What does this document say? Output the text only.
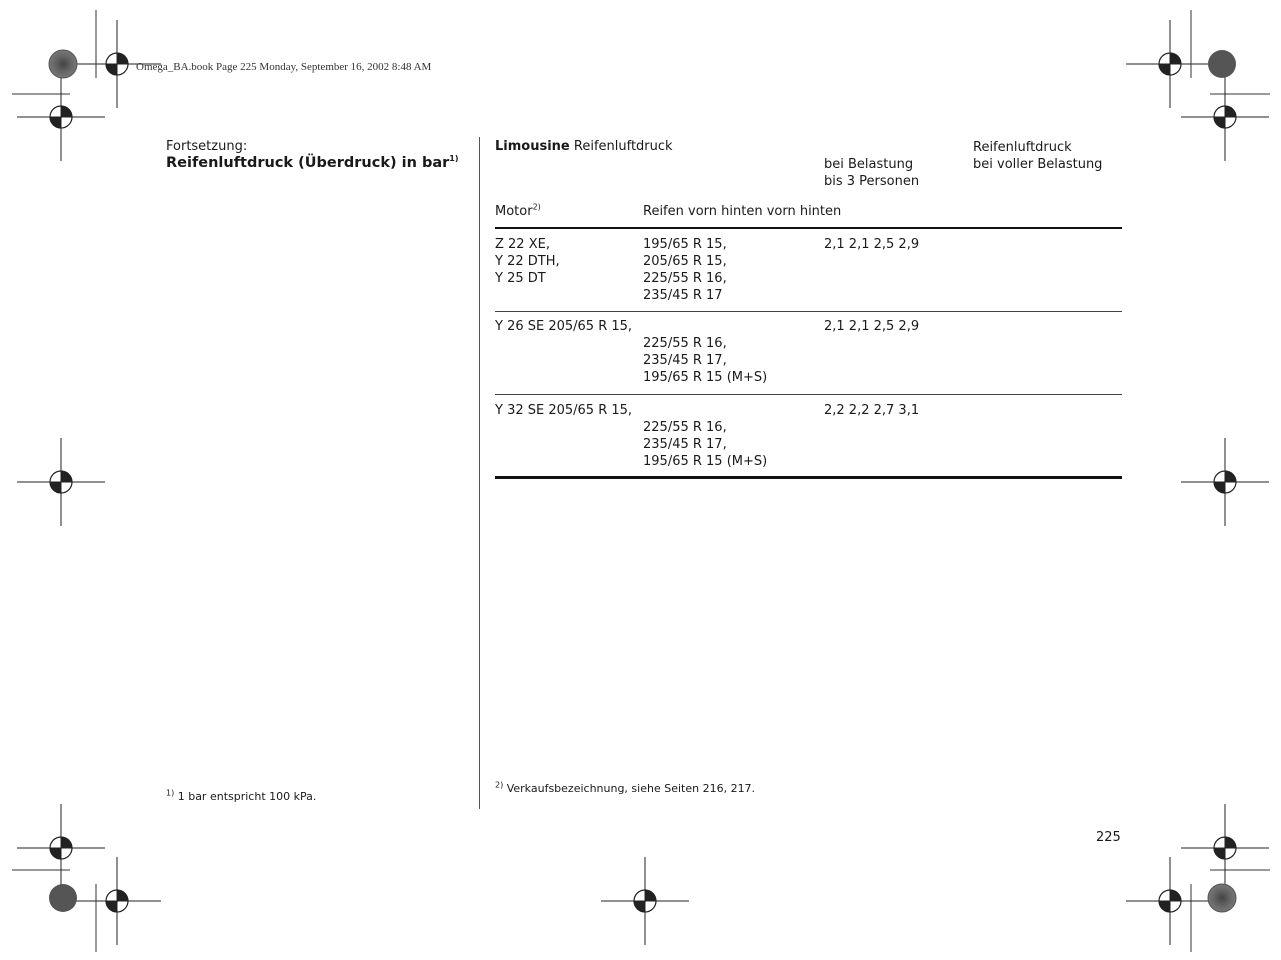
Omega_BA.book Page 225 Monday, September 16, 2002 8:48 AM
Fortsetzung:
Reifenluftdruck (Überdruck) in bar$^{1)}$
Limousine Reifenluftdruck
bei Belastung
bis 3 Personen
Reifenluftdruck
bei voller Belastung
Motor$^{2)}$	Reifen vorn hinten vorn hinten
Z 22 XE,
Y 22 DTH,
Y 25 DT
195/65 R 15,
205/65 R 15,
225/55 R 16,
235/45 R 17
2,1 2,1 2,5 2,9
Y 26 SE 205/65 R 15,
225/55 R 16,
235/45 R 17,
195/65 R 15 (M+S)
2,1 2,1 2,5 2,9
Y 32 SE 205/65 R 15,
225/55 R 16,
235/45 R 17,
195/65 R 15 (M+S)
2,2 2,2 2,7 3,1
$^{1)}$ 1 bar entspricht 100 kPa.
$^{2)}$ Verkaufsbezeichnung, siehe Seiten 216, 217.
225
